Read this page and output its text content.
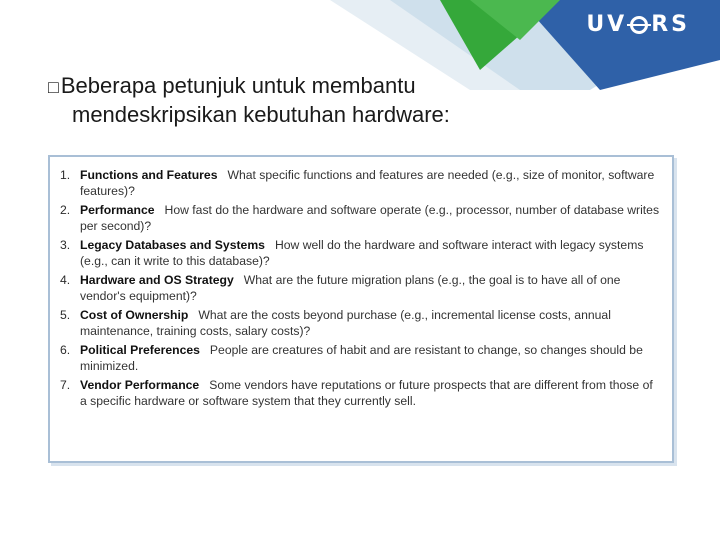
UV RS
□Beberapa petunjuk untuk membantu
mendeskripsikan kebutuhan hardware:
1. Functions and Features What specific functions and features are needed (e.g., size of monitor, software features)?
2. Performance How fast do the hardware and software operate (e.g., processor, number of database writes per second)?
3. Legacy Databases and Systems How well do the hardware and software interact with legacy systems (e.g., can it write to this database)?
4. Hardware and OS Strategy What are the future migration plans (e.g., the goal is to have all of one vendor's equipment)?
5. Cost of Ownership What are the costs beyond purchase (e.g., incremental license costs, annual maintenance, training costs, salary costs)?
6. Political Preferences People are creatures of habit and are resistant to change, so changes should be minimized.
7. Vendor Performance Some vendors have reputations or future prospects that are different from those of a specific hardware or software system that they currently sell.
